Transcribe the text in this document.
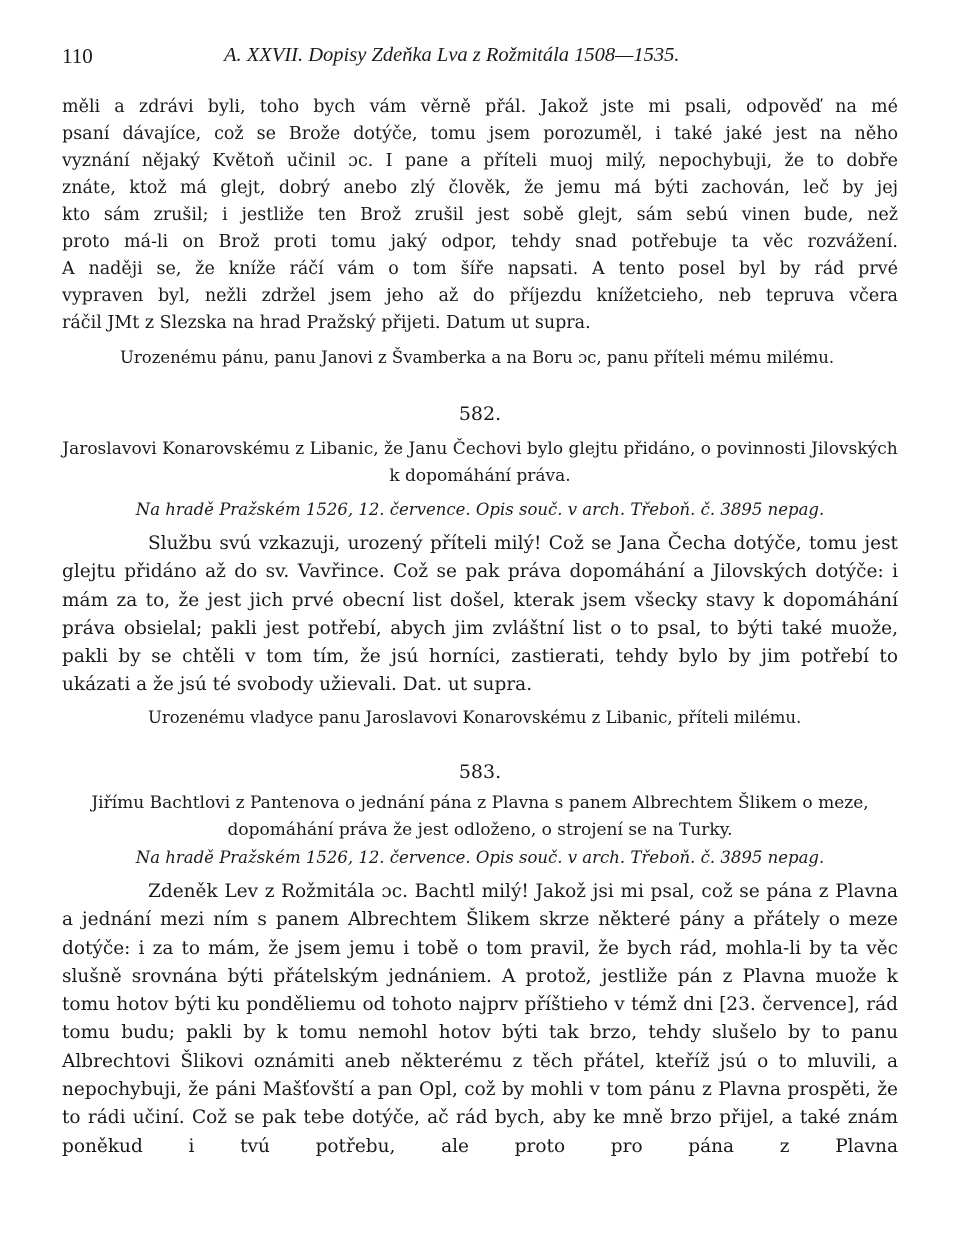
110	A. XXVII. Dopisy Zdeňka Lva z Rožmitála 1508—1535.

měli a zdrávi byli, toho bych vám věrně přál. Jakož jste mi psali, odpověď na mé

psaní dávajíce, což se Brože dotýče, tomu jsem porozuměl, i také jaké jest na něho

vyznání nějaký Květoň učinil ɔc. I pane a příteli muoj milý, nepochybuji, že to dobře

znáte, ktož má glejt, dobrý anebo zlý člověk, že jemu má býti zachován, leč by jej

kto sám zrušil; i jestliže ten Brož zrušil jest sobě glejt, sám sebú vinen bude, než

proto má-li on Brož proti tomu jaký odpor, tehdy snad potřebuje ta věc rozvážení.

A naději se, že kníže ráčí vám o tom šíře napsati. A tento posel byl by rád prvé

vypraven byl, nežli zdržel jsem jeho až do příjezdu knížetcieho, neb tepruva včera

ráčil JMt z Slezska na hrad Pražský přijeti. Datum ut supra.

Urozenému pánu, panu Janovi z Švamberka a na Boru ɔc, panu příteli mému milému.

582.

Jaroslavovi Konarovskému z Libanic, že Janu Čechovi bylo glejtu přidáno, o povinnosti Jilovských k dopomáhání práva.

Na hradě Pražském 1526, 12. července. Opis souč. v arch. Třeboň. č. 3895 nepag.

Službu svú vzkazuji, urozený příteli milý! Což se Jana Čecha dotýče, tomu jest glejtu přidáno až do sv. Vavřince. Což se pak práva dopomáhání a Jilovských dotýče: i mám za to, že jest jich prvé obecní list došel, kterak jsem všecky stavy k dopomáhání práva obsielal; pakli jest potřebí, abych jim zvláštní list o to psal, to býti také muože, pakli by se chtěli v tom tím, že jsú horníci, zastierati, tehdy bylo by jim potřebí to ukázati a že jsú té svobody užievali. Dat. ut supra.

Urozenému vladyce panu Jaroslavovi Konarovskému z Libanic, příteli milému.

583.

Jiřímu Bachtlovi z Pantenova o jednání pána z Plavna s panem Albrechtem Šlikem o meze, dopomáhání práva že jest odloženo, o strojení se na Turky.

Na hradě Pražském 1526, 12. července. Opis souč. v arch. Třeboň. č. 3895 nepag.

Zdeněk Lev z Rožmitála ɔc. Bachtl milý! Jakož jsi mi psal, což se pána z Plavna a jednání mezi ním s panem Albrechtem Šlikem skrze některé pány a přátely o meze dotýče: i za to mám, že jsem jemu i tobě o tom pravil, že bych rád, mohla-li by ta věc slušně srovnána býti přátelským jednániem. A protož, jestliže pán z Plavna muože k tomu hotov býti ku ponděliemu od tohoto najprv příštieho v témž dni [23. července], rád tomu budu; pakli by k tomu nemohl hotov býti tak brzo, tehdy slušelo by to panu Albrechtovi Šlikovi oznámiti aneb některému z těch přátel, kteříž jsú o to mluvili, a nepochybuji, že páni Mašťovští a pan Opl, což by mohli v tom pánu z Plavna prospěti, že to rádi učiní. Což se pak tebe dotýče, ač rád bych, aby ke mně brzo přijel, a také znám poněkud i tvú potřebu, ale proto pro pána z Plavna
